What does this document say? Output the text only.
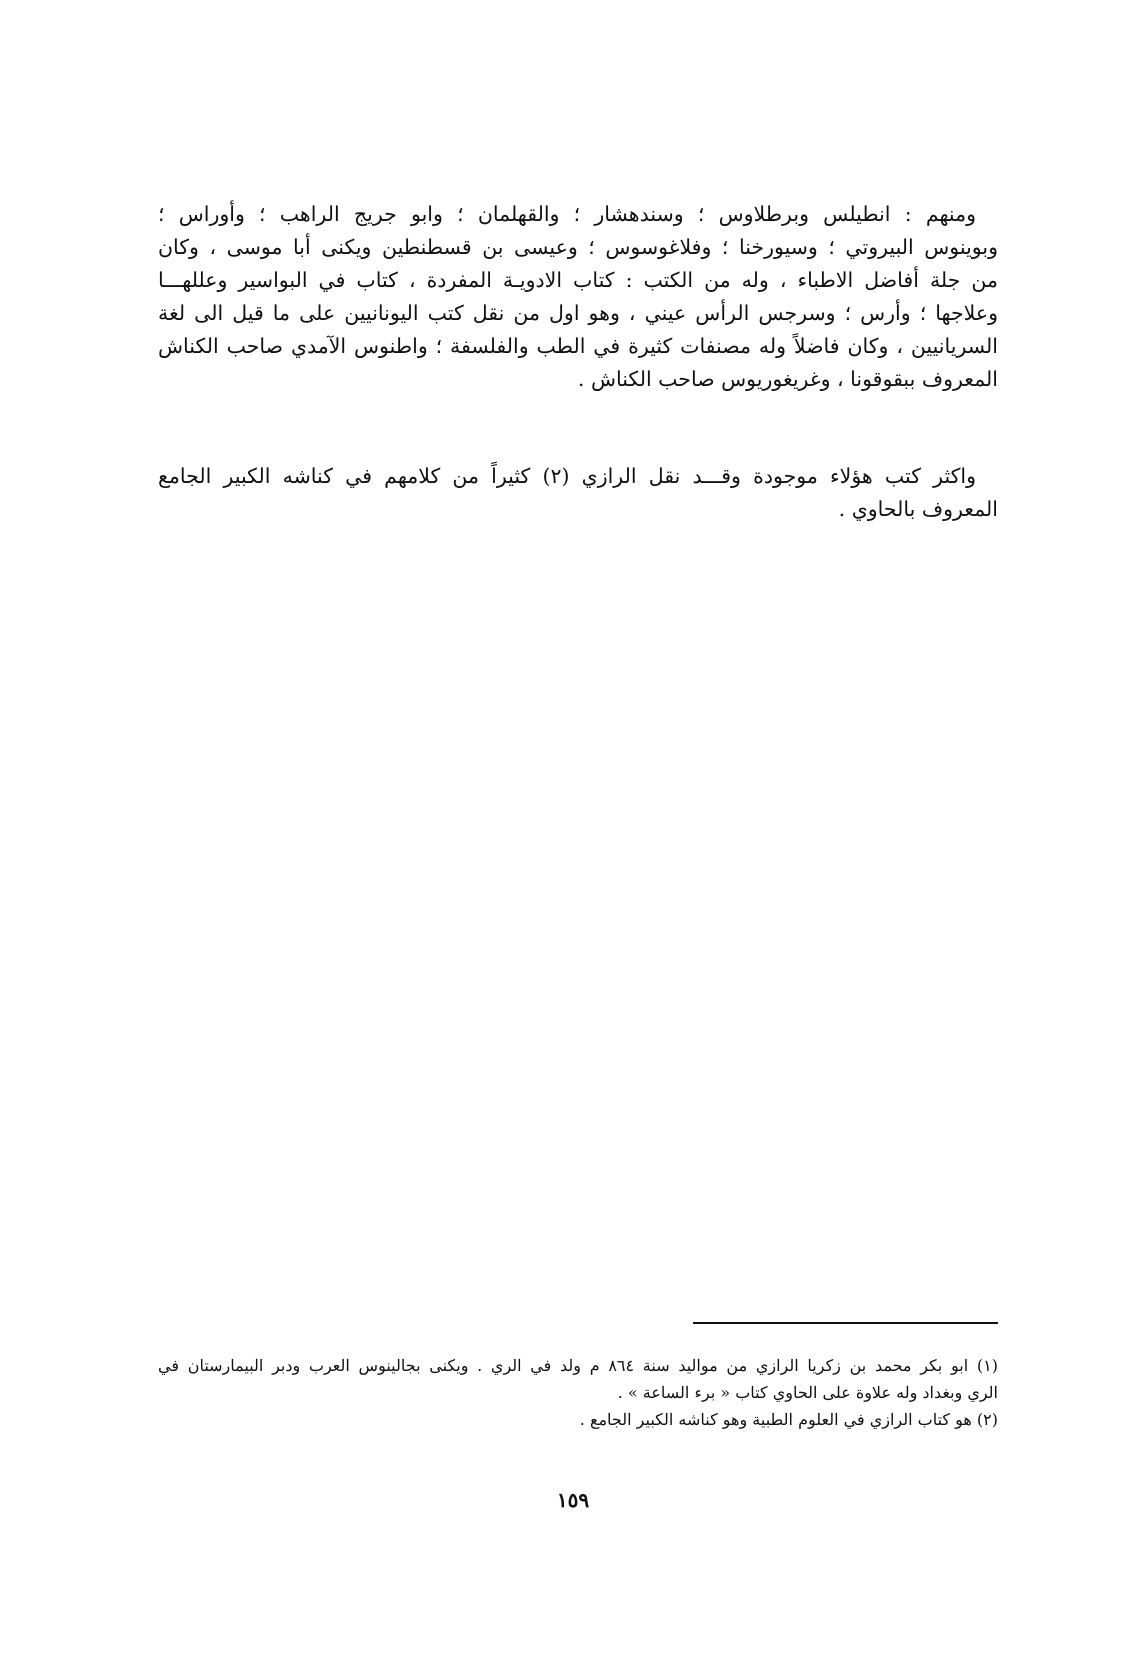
ومنهم : انطيلس وبرطلاوس ؛ وسندهشار ؛ والقهلمان ؛ وابو جريج الراهب ؛ وأوراس ؛
وبوينوس البيروتي ؛ وسيورخنا ؛ وفلاغوسوس ؛ وعيسى بن قسطنطين ويكنى أبا موسى ، وكان
من جلة أفاضل الاطباء ، وله من الكتب : كتاب الادويـة المفردة ، كتاب في البواسير وعللهـــا
وعلاجها ؛ وأرس ؛ وسرجس الرأس عيني ، وهو اول من نقل كتب اليونانيين على ما قيل الى لغة
السريانيين ، وكان فاضلاً وله مصنفات كثيرة في الطب والفلسفة ؛ واطنوس الآمدي صاحب الكناش
المعروف ببقوقونا ، وغريغوريوس صاحب الكناش .
واكثر كتب هؤلاء موجودة وقـــد نقل الرازي (٢) كثيراً من كلامهم في كناشه الكبير الجامع
المعروف بالحاوي .
(١) ابو بكر محمد بن زكريا الرازي من مواليد سنة ٨٦٤ م ولد في الري . ويكنى بجالينوس العرب ودبر البيمارستان في
الري وبغداد وله علاوة على الحاوي كتاب « برء الساعة » .
(٢) هو كتاب الرازي في العلوم الطبية وهو كناشه الكبير الجامع .
١٥٩
